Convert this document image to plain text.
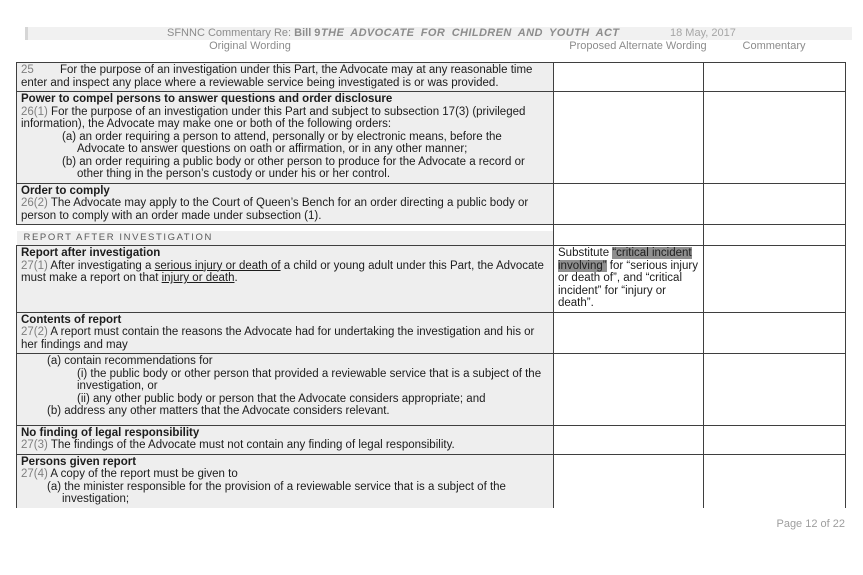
SFNNC Commentary Re: Bill 9 THE ADVOCATE FOR CHILDREN AND YOUTH ACT	18 May, 2017
Original Wording	Proposed Alternate Wording	Commentary
25 For the purpose of an investigation under this Part, the Advocate may at any reasonable time enter and inspect any place where a reviewable service being investigated is or was provided.		

Power to compel persons to answer questions and order disclosure
26(1) For the purpose of an investigation under this Part and subject to subsection 17(3) (privileged information), the Advocate may make one or both of the following orders:
(a) an order requiring a person to attend, personally or by electronic means, before the Advocate to answer questions on oath or affirmation, or in any other manner;
(b) an order requiring a public body or other person to produce for the Advocate a record or other thing in the person’s custody or under his or her control.		

Order to comply
26(2) The Advocate may apply to the Court of Queen’s Bench for an order directing a public body or person to comply with an order made under subsection (1).		

REPORT AFTER INVESTIGATION		

Report after investigation
27(1) After investigating a serious injury or death of a child or young adult under this Part, the Advocate must make a report on that injury or death.	Substitute “critical incident involving” for “serious injury or death of”, and “critical incident” for “injury or death”.	

Contents of report
27(2) A report must contain the reasons the Advocate had for undertaking the investigation and his or her findings and may		

(a) contain recommendations for
(i) the public body or other person that provided a reviewable service that is a subject of the investigation, or
(ii) any other public body or person that the Advocate considers appropriate; and
(b) address any other matters that the Advocate considers relevant.		

No finding of legal responsibility
27(3) The findings of the Advocate must not contain any finding of legal responsibility.		

Persons given report
27(4) A copy of the report must be given to
(a) the minister responsible for the provision of a reviewable service that is a subject of the investigation;		

Page 12 of 22
